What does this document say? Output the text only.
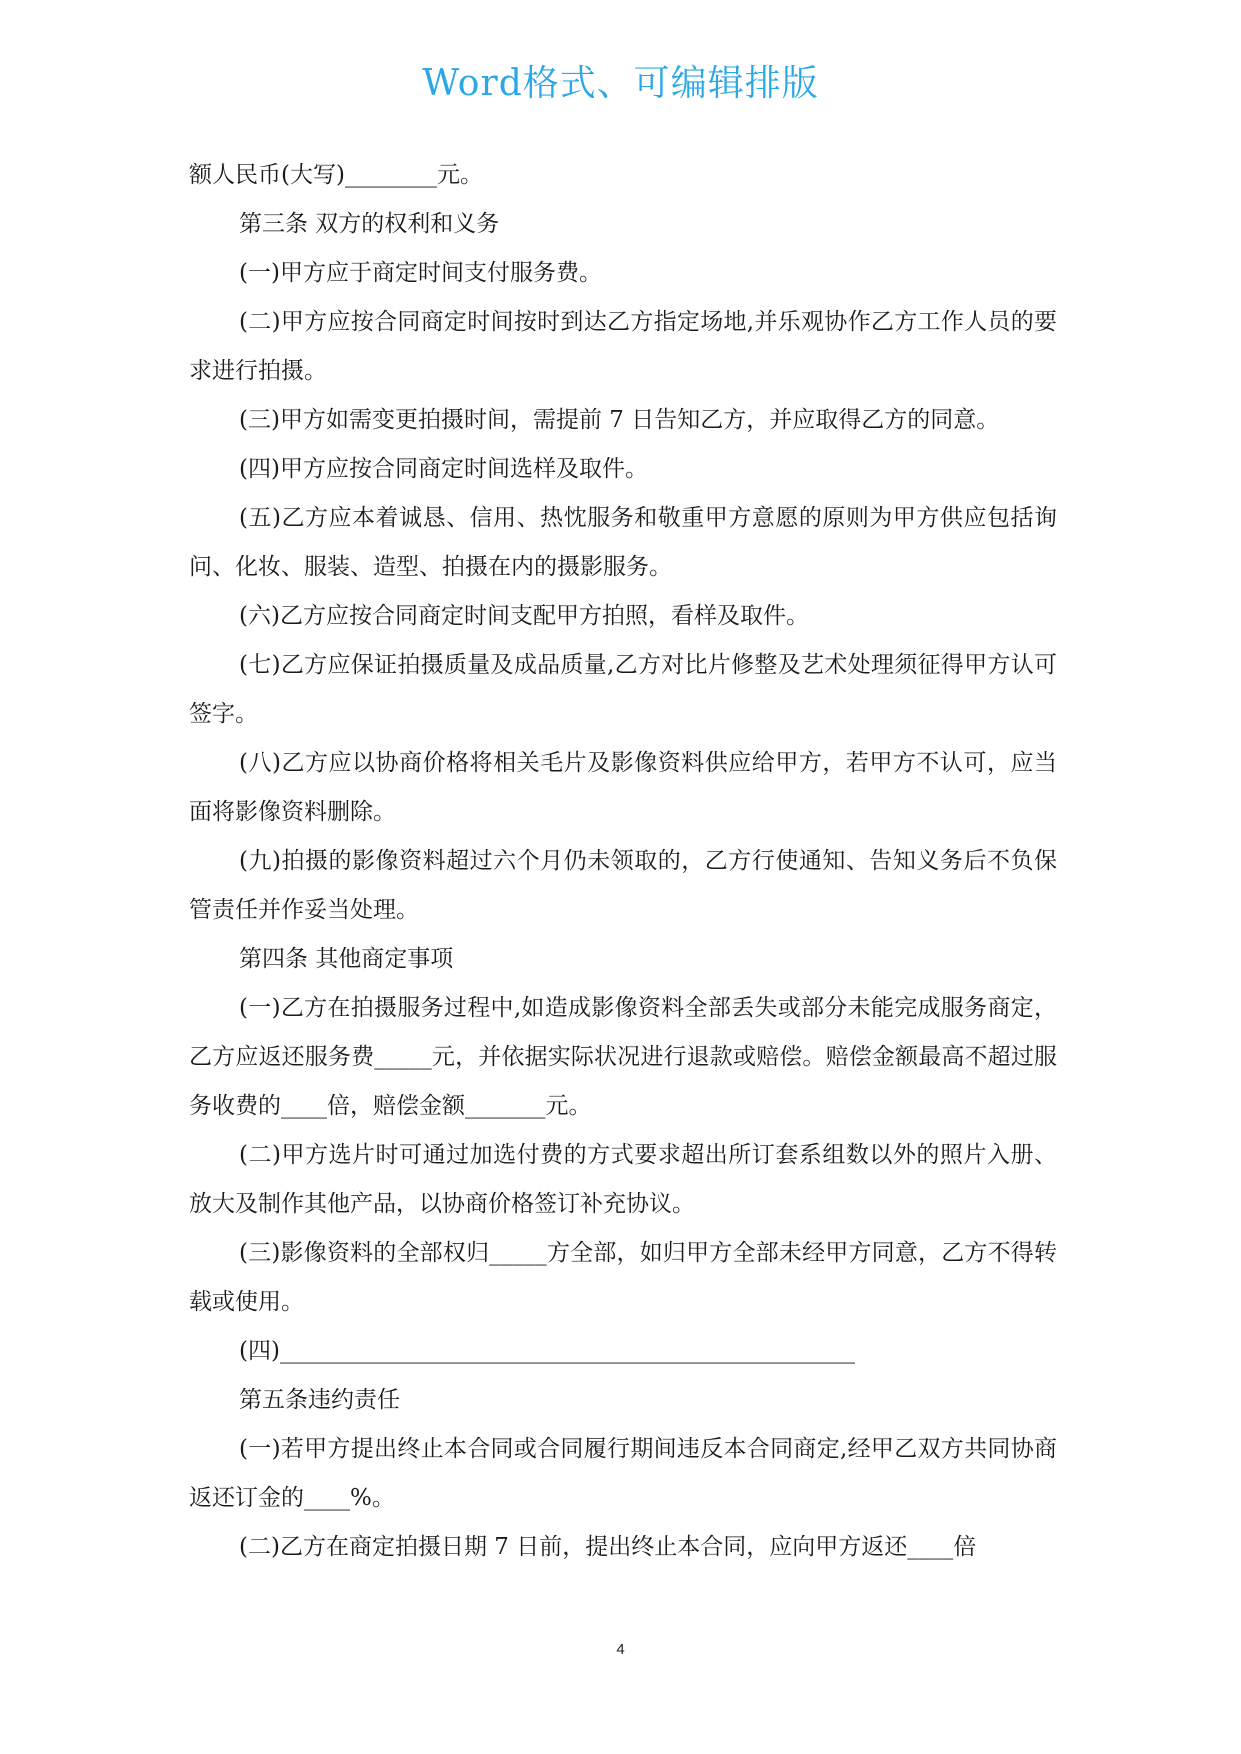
Word格式、可编辑排版

额人民币(大写)________元。

第三条 双方的权利和义务

(一)甲方应于商定时间支付服务费。

(二)甲方应按合同商定时间按时到达乙方指定场地,并乐观协作乙方工作人员的要求进行拍摄。

(三)甲方如需变更拍摄时间，需提前 7 日告知乙方，并应取得乙方的同意。

(四)甲方应按合同商定时间选样及取件。

(五)乙方应本着诚恳、信用、热忱服务和敬重甲方意愿的原则为甲方供应包括询问、化妆、服装、造型、拍摄在内的摄影服务。

(六)乙方应按合同商定时间支配甲方拍照，看样及取件。

(七)乙方应保证拍摄质量及成品质量,乙方对比片修整及艺术处理须征得甲方认可签字。

(八)乙方应以协商价格将相关毛片及影像资料供应给甲方，若甲方不认可，应当面将影像资料删除。

(九)拍摄的影像资料超过六个月仍未领取的，乙方行使通知、告知义务后不负保管责任并作妥当处理。

第四条 其他商定事项

(一)乙方在拍摄服务过程中,如造成影像资料全部丢失或部分未能完成服务商定，乙方应返还服务费_____元，并依据实际状况进行退款或赔偿。赔偿金额最高不超过服务收费的____倍，赔偿金额_______元。

(二)甲方选片时可通过加选付费的方式要求超出所订套系组数以外的照片入册、放大及制作其他产品，以协商价格签订补充协议。

(三)影像资料的全部权归_____方全部，如归甲方全部未经甲方同意，乙方不得转载或使用。

(四)__________________________________________________

第五条违约责任

(一)若甲方提出终止本合同或合同履行期间违反本合同商定,经甲乙双方共同协商返还订金的____%。

(二)乙方在商定拍摄日期 7 日前，提出终止本合同，应向甲方返还____倍

4
